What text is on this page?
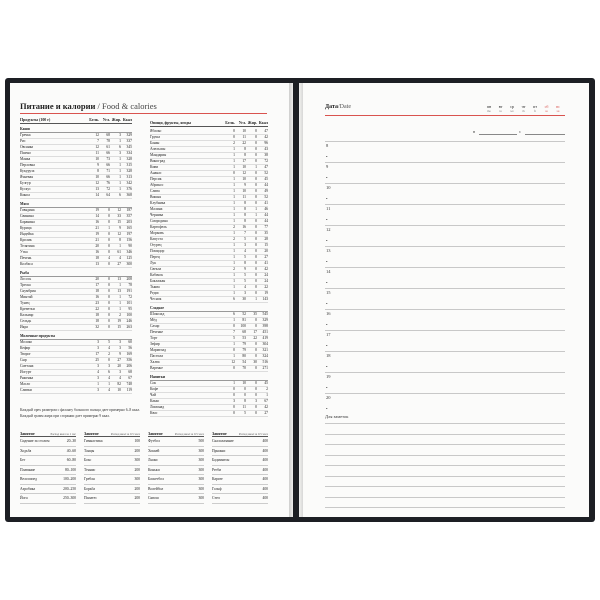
Питание и калории / Food & calories
Продукты (100 г)	Белк. Угл. Жир. Ккал
Каши
Гречка	12	68	3	329
Рис	7	78	1	337
Овсянка	12	61	6	345
Пшено	11	66	3	334
Манка	10	73	1	328
Перловка	9	66	1	315
Кукуруза	8	71	1	328
Ячневая	10	66	1	313
Булгур	12	76	1	342
Кускус	13	72	1	376
Киноа	14	64	6	368
Мясо
Говядина	19	0	12	187
Свинина	14	0	33	357
Баранина	16	0	15	203
Курица	21	1	9	165
Индейка	19	0	12	197
Кролик	21	0	8	156
Телятина	20	0	1	90
Утка	16	0	61	346
Печень	18	4	4	125
Колбаса	13	0	27	300
Рыба
Лосось	20	0	13	208
Треска	17	0	1	78
Скумбрия	18	0	13	191
Минтай	16	0	1	72
Тунец	23	0	1	101
Креветки	22	0	1	95
Кальмар	18	0	2	100
Сельдь	18	0	19	246
Икра	32	0	15	263
Молочные продукты
Молоко	3	5	3	60
Кефир	3	4	3	56
Творог	17	2	9	169
Сыр	25	0	27	356
Сметана	3	3	20	206
Йогурт	4	6	3	68
Ряженка	3	4	4	67
Масло	1	1	82	748
Сливки	3	4	10	119
Овощи, фрукты, ягоды	Белк. Угл. Жир. Ккал
Яблоко	0	10	0	47
Груша	0	11	0	42
Банан	2	22	0	96
Апельсин	1	8	0	43
Мандарин	1	8	0	38
Виноград	1	17	0	72
Киви	1	10	1	47
Ананас	0	12	0	52
Персик	1	10	0	45
Абрикос	1	9	0	44
Слива	1	10	0	49
Вишня	1	11	0	52
Клубника	1	8	0	41
Малина	1	8	1	46
Черника	1	8	1	44
Смородина	1	8	0	44
Картофель	2	16	0	77
Морковь	1	7	0	35
Капуста	2	5	0	28
Огурец	1	3	0	15
Помидор	1	4	0	20
Перец	1	5	0	27
Лук	1	8	0	41
Свекла	2	9	0	42
Кабачок	1	5	0	24
Баклажан	1	5	0	24
Тыква	1	4	0	22
Редис	1	3	0	19
Чеснок	6	30	1	143
Сладкое
Шоколад	6	52	35	545
Мёд	1	81	0	329
Сахар	0	100	0	398
Печенье	7	68	17	451
Торт	5	53	22	419
Зефир	1	79	0	304
Мармелад	0	79	0	321
Пастила	1	80	0	324
Халва	12	54	30	516
Варенье	0	70	0	271
Напитки
Сок	1	10	0	45
Кофе	0	0	0	2
Чай	0	0	0	1
Какао	3	8	3	67
Лимонад	0	11	0	42
Квас	0	5	0	27
Каждый орех размером с фалангу большого пальца дает примерно 6–8 ккал.
Каждый грамм жира при сгорании дает примерно 9 ккал.
Занятие	Расход ккал за 1 час
Сидение за столом	20–30
Ходьба	40–60
Бег	60–80
Плавание	80–100
Велосипед	100–200
Аэробика	200–250
Йога	250–300
Занятие	Расход ккал за 0.5 часа
Гимнастика	100
Танцы	200
Бокс	300
Теннис	200
Гребля	300
Борьба	200
Пилатес	200
Занятие	Расход ккал за 0.5 часа
Футбол	500
Хоккей	300
Лыжи	300
Коньки	300
Баскетбол	300
Волейбол	300
Сквош	300
Занятие	Расход ккал за 0.5 часа
Скалолазание	400
Прыжки	400
Бадминтон	400
Регби	400
Карате	400
Гольф	400
Степ	400
Дата/Date	пн
mo
вт
tu
ср
we
чт
th
пт
fr
сб
sa
вс
su
в	с
8
•
9
•
10
•
11
•
12
•
13
•
14
•
15
•
16
•
17
•
18
•
19
•
20
•
Для заметок
